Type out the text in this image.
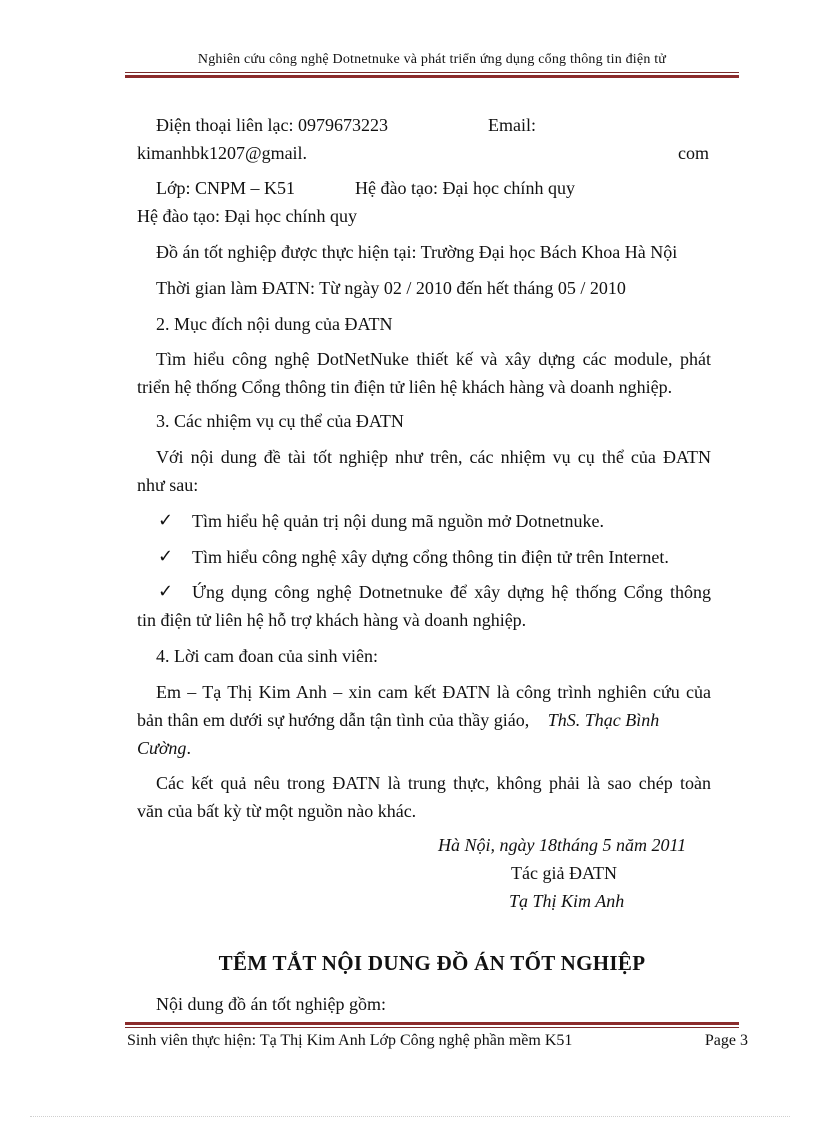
Nghiên cứu công nghệ Dotnetnuke và phát triển ứng dụng cổng thông tin điện tử
Điện thoại liên lạc: 0979673223	Email:
kimanhbk1207@gmail.	com
Lớp: CNPM – K51	Hệ đào tạo: Đại học chính quy
Hệ đào tạo: Đại học chính quy
Đồ án tốt nghiệp được thực hiện tại: Trường Đại học Bách Khoa Hà Nội
Thời gian làm ĐATN: Từ ngày 02 / 2010 đến hết tháng 05 / 2010
2. Mục đích nội dung của ĐATN
Tìm hiểu công nghệ DotNetNuke thiết kế và xây dựng các module, phát
triển hệ thống Cổng thông tin điện tử liên hệ khách hàng và doanh nghiệp.
3. Các nhiệm vụ cụ thể của ĐATN
Với nội dung đề tài tốt nghiệp như trên, các nhiệm vụ cụ thể của ĐATN
như sau:
✓ Tìm hiểu hệ quản trị nội dung mã nguồn mở Dotnetnuke.
✓ Tìm hiểu công nghệ xây dựng cổng thông tin điện tử trên Internet.
✓ Ứng dụng công nghệ Dotnetnuke để xây dựng hệ thống Cổng thông
tin điện tử liên hệ hỗ trợ khách hàng và doanh nghiệp.
4. Lời cam đoan của sinh viên:
Em – Tạ Thị Kim Anh – xin cam kết ĐATN là công trình nghiên cứu của
bản thân em dưới sự hướng dẫn tận tình của thầy giáo, ThS. Thạc Bình
Cường.
Các kết quả nêu trong ĐATN là trung thực, không phải là sao chép toàn
văn của bất kỳ từ một nguồn nào khác.
Hà Nội, ngày 18tháng 5 năm 2011
Tác giả ĐATN
Tạ Thị Kim Anh
TỂM TẮT NỘI DUNG ĐỒ ÁN TỐT NGHIỆP
Nội dung đồ án tốt nghiệp gồm:
Sinh viên thực hiện: Tạ Thị Kim Anh Lớp Công nghệ phần mềm K51	Page 3
